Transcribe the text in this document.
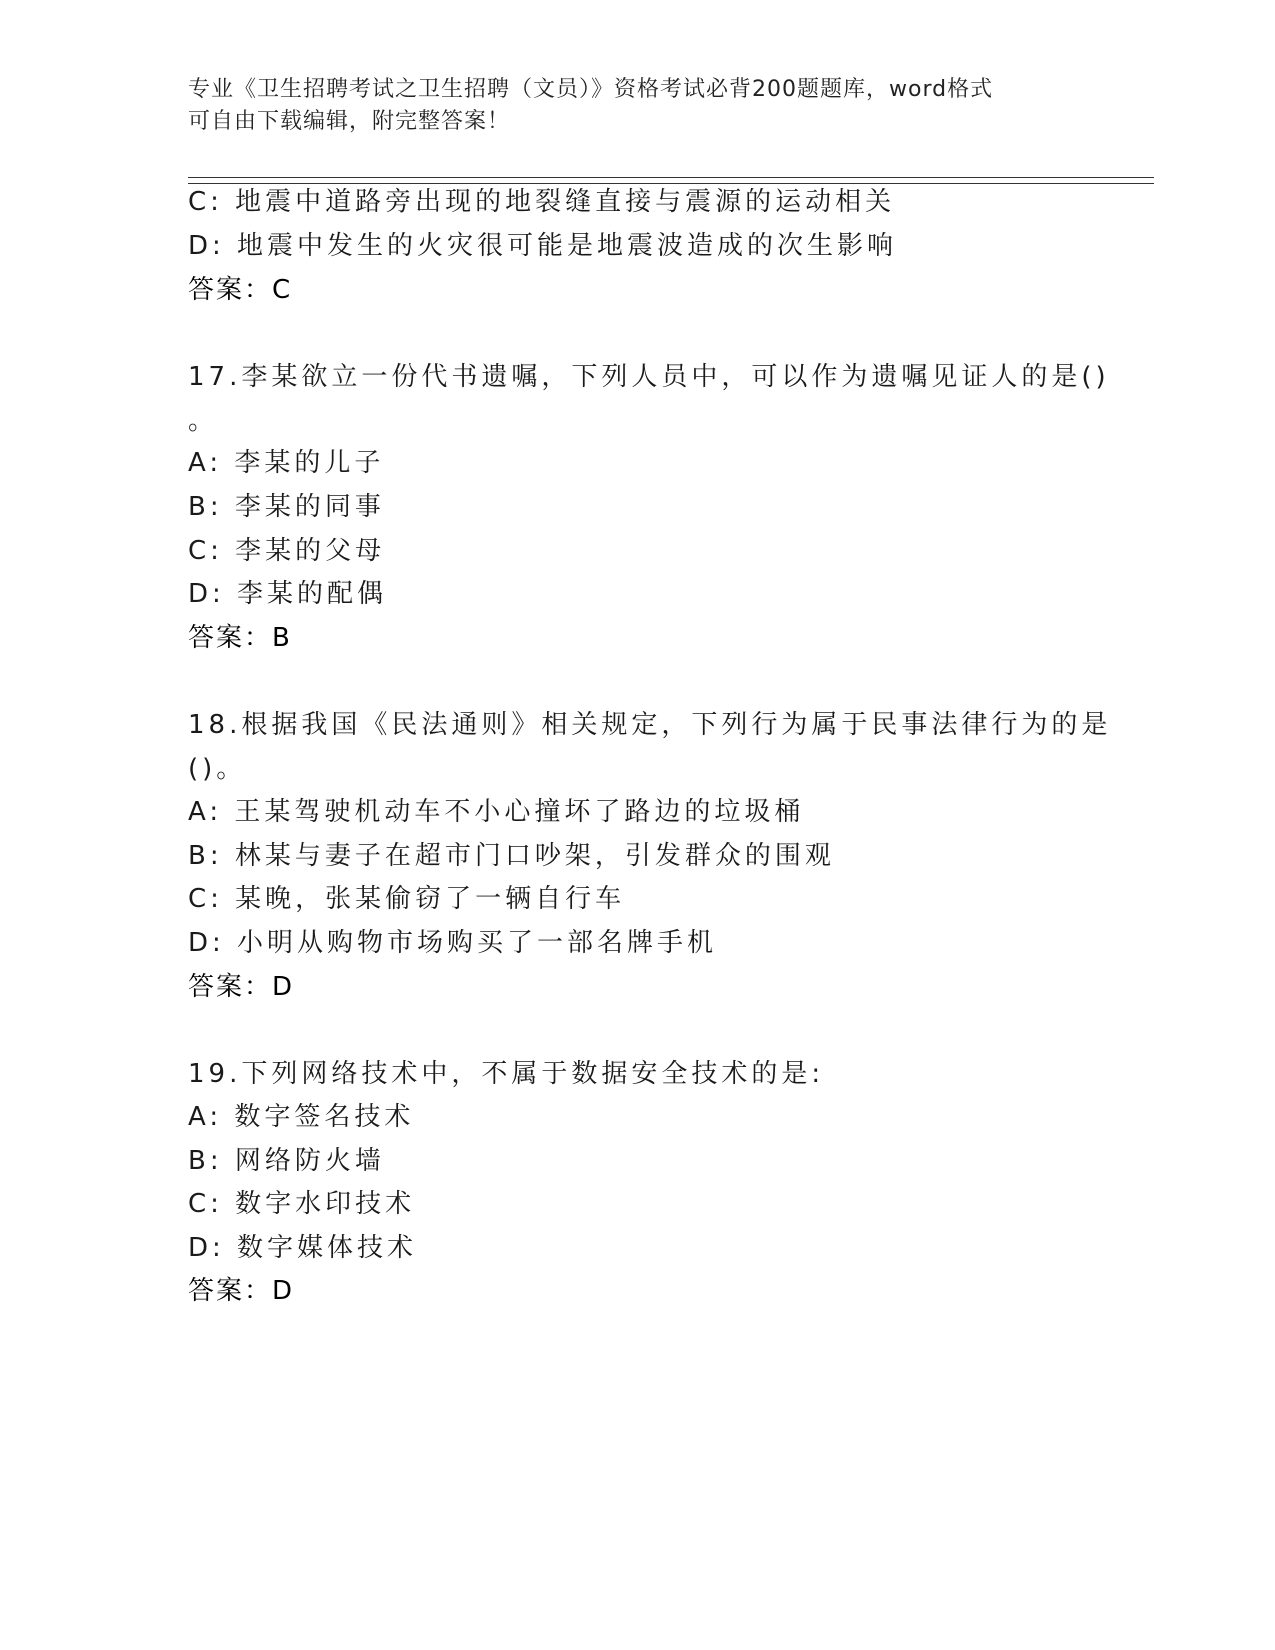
专业《卫生招聘考试之卫生招聘（文员）》资格考试必背200题题库，word格式
可自由下载编辑，附完整答案！
C: 地震中道路旁出现的地裂缝直接与震源的运动相关
D: 地震中发生的火灾很可能是地震波造成的次生影响
答案：C
17.李某欲立一份代书遗嘱，下列人员中，可以作为遗嘱见证人的是()
。
A: 李某的儿子
B: 李某的同事
C: 李某的父母
D: 李某的配偶
答案：B
18.根据我国《民法通则》相关规定，下列行为属于民事法律行为的是
()。
A: 王某驾驶机动车不小心撞坏了路边的垃圾桶
B: 林某与妻子在超市门口吵架，引发群众的围观
C: 某晚，张某偷窃了一辆自行车
D: 小明从购物市场购买了一部名牌手机
答案：D
19.下列网络技术中，不属于数据安全技术的是:
A: 数字签名技术
B: 网络防火墙
C: 数字水印技术
D: 数字媒体技术
答案：D
